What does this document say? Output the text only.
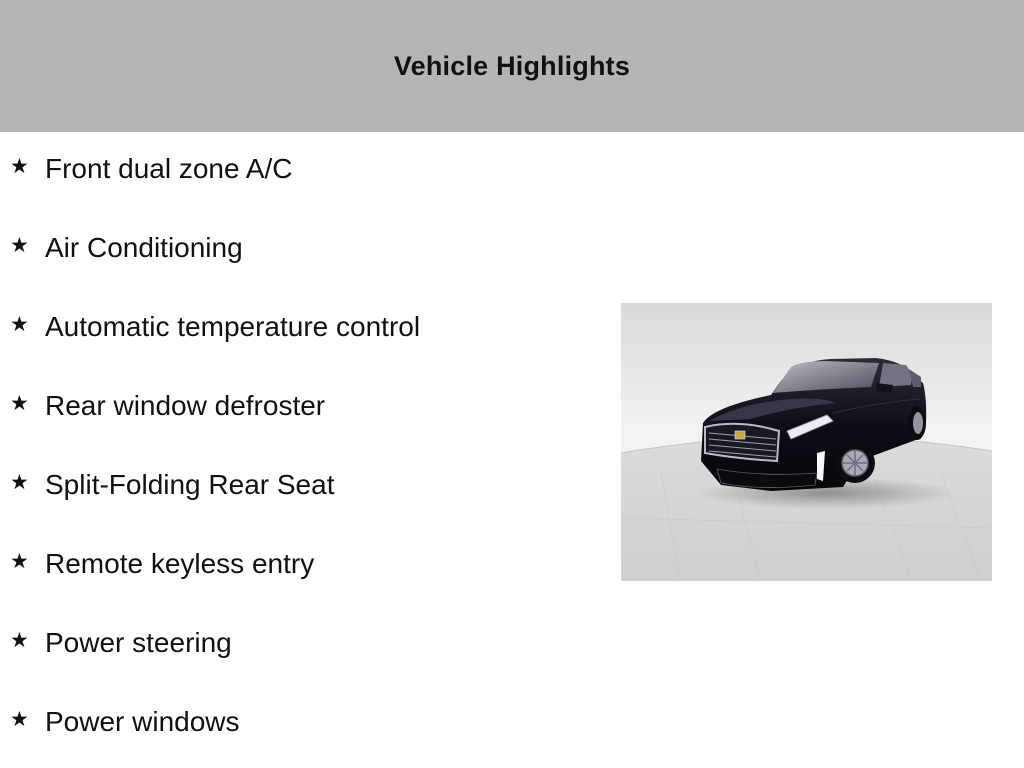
Vehicle Highlights
★ Front dual zone A/C
★ Air Conditioning
★ Automatic temperature control
★ Rear window defroster
★ Split-Folding Rear Seat
★ Remote keyless entry
★ Power steering
★ Power windows
